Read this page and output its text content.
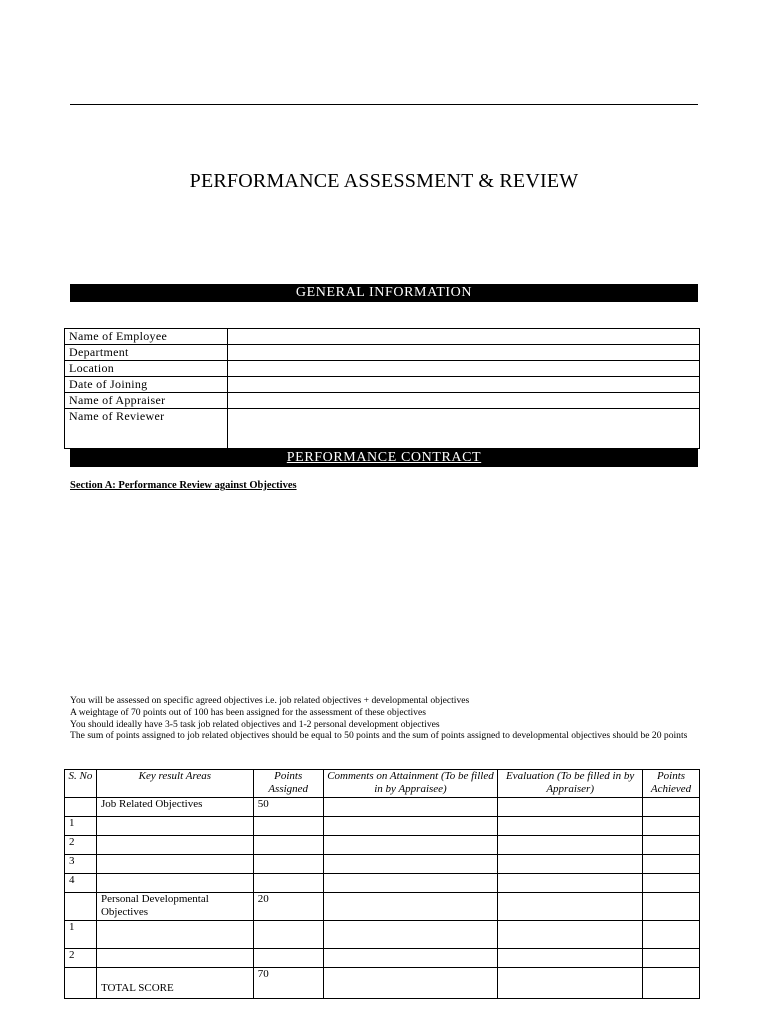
PERFORMANCE ASSESSMENT & REVIEW
GENERAL INFORMATION
Name of Employee	
Department	
Location	
Date of Joining	
Name of Appraiser	
Name of Reviewer	
PERFORMANCE CONTRACT
Section A: Performance Review against Objectives

You will be assessed on specific agreed objectives i.e. job related objectives + developmental objectives

A weightage of 70 points out of 100 has been assigned for the assessment of these objectives

You should ideally have 3-5 task job related objectives and 1-2 personal development objectives

The sum of points assigned to job related objectives should be equal to 50 points and the sum of points assigned to developmental objectives should be 20 points

S. No	Key result Areas	Points Assigned	Comments on Attainment (To be filled in by Appraisee)	Evaluation (To be filled in by Appraiser)	Points Achieved
	Job Related Objectives	50			
1					
2					
3					
4					
	Personal Developmental Objectives	20			
1					
2					
	TOTAL SCORE	70			
